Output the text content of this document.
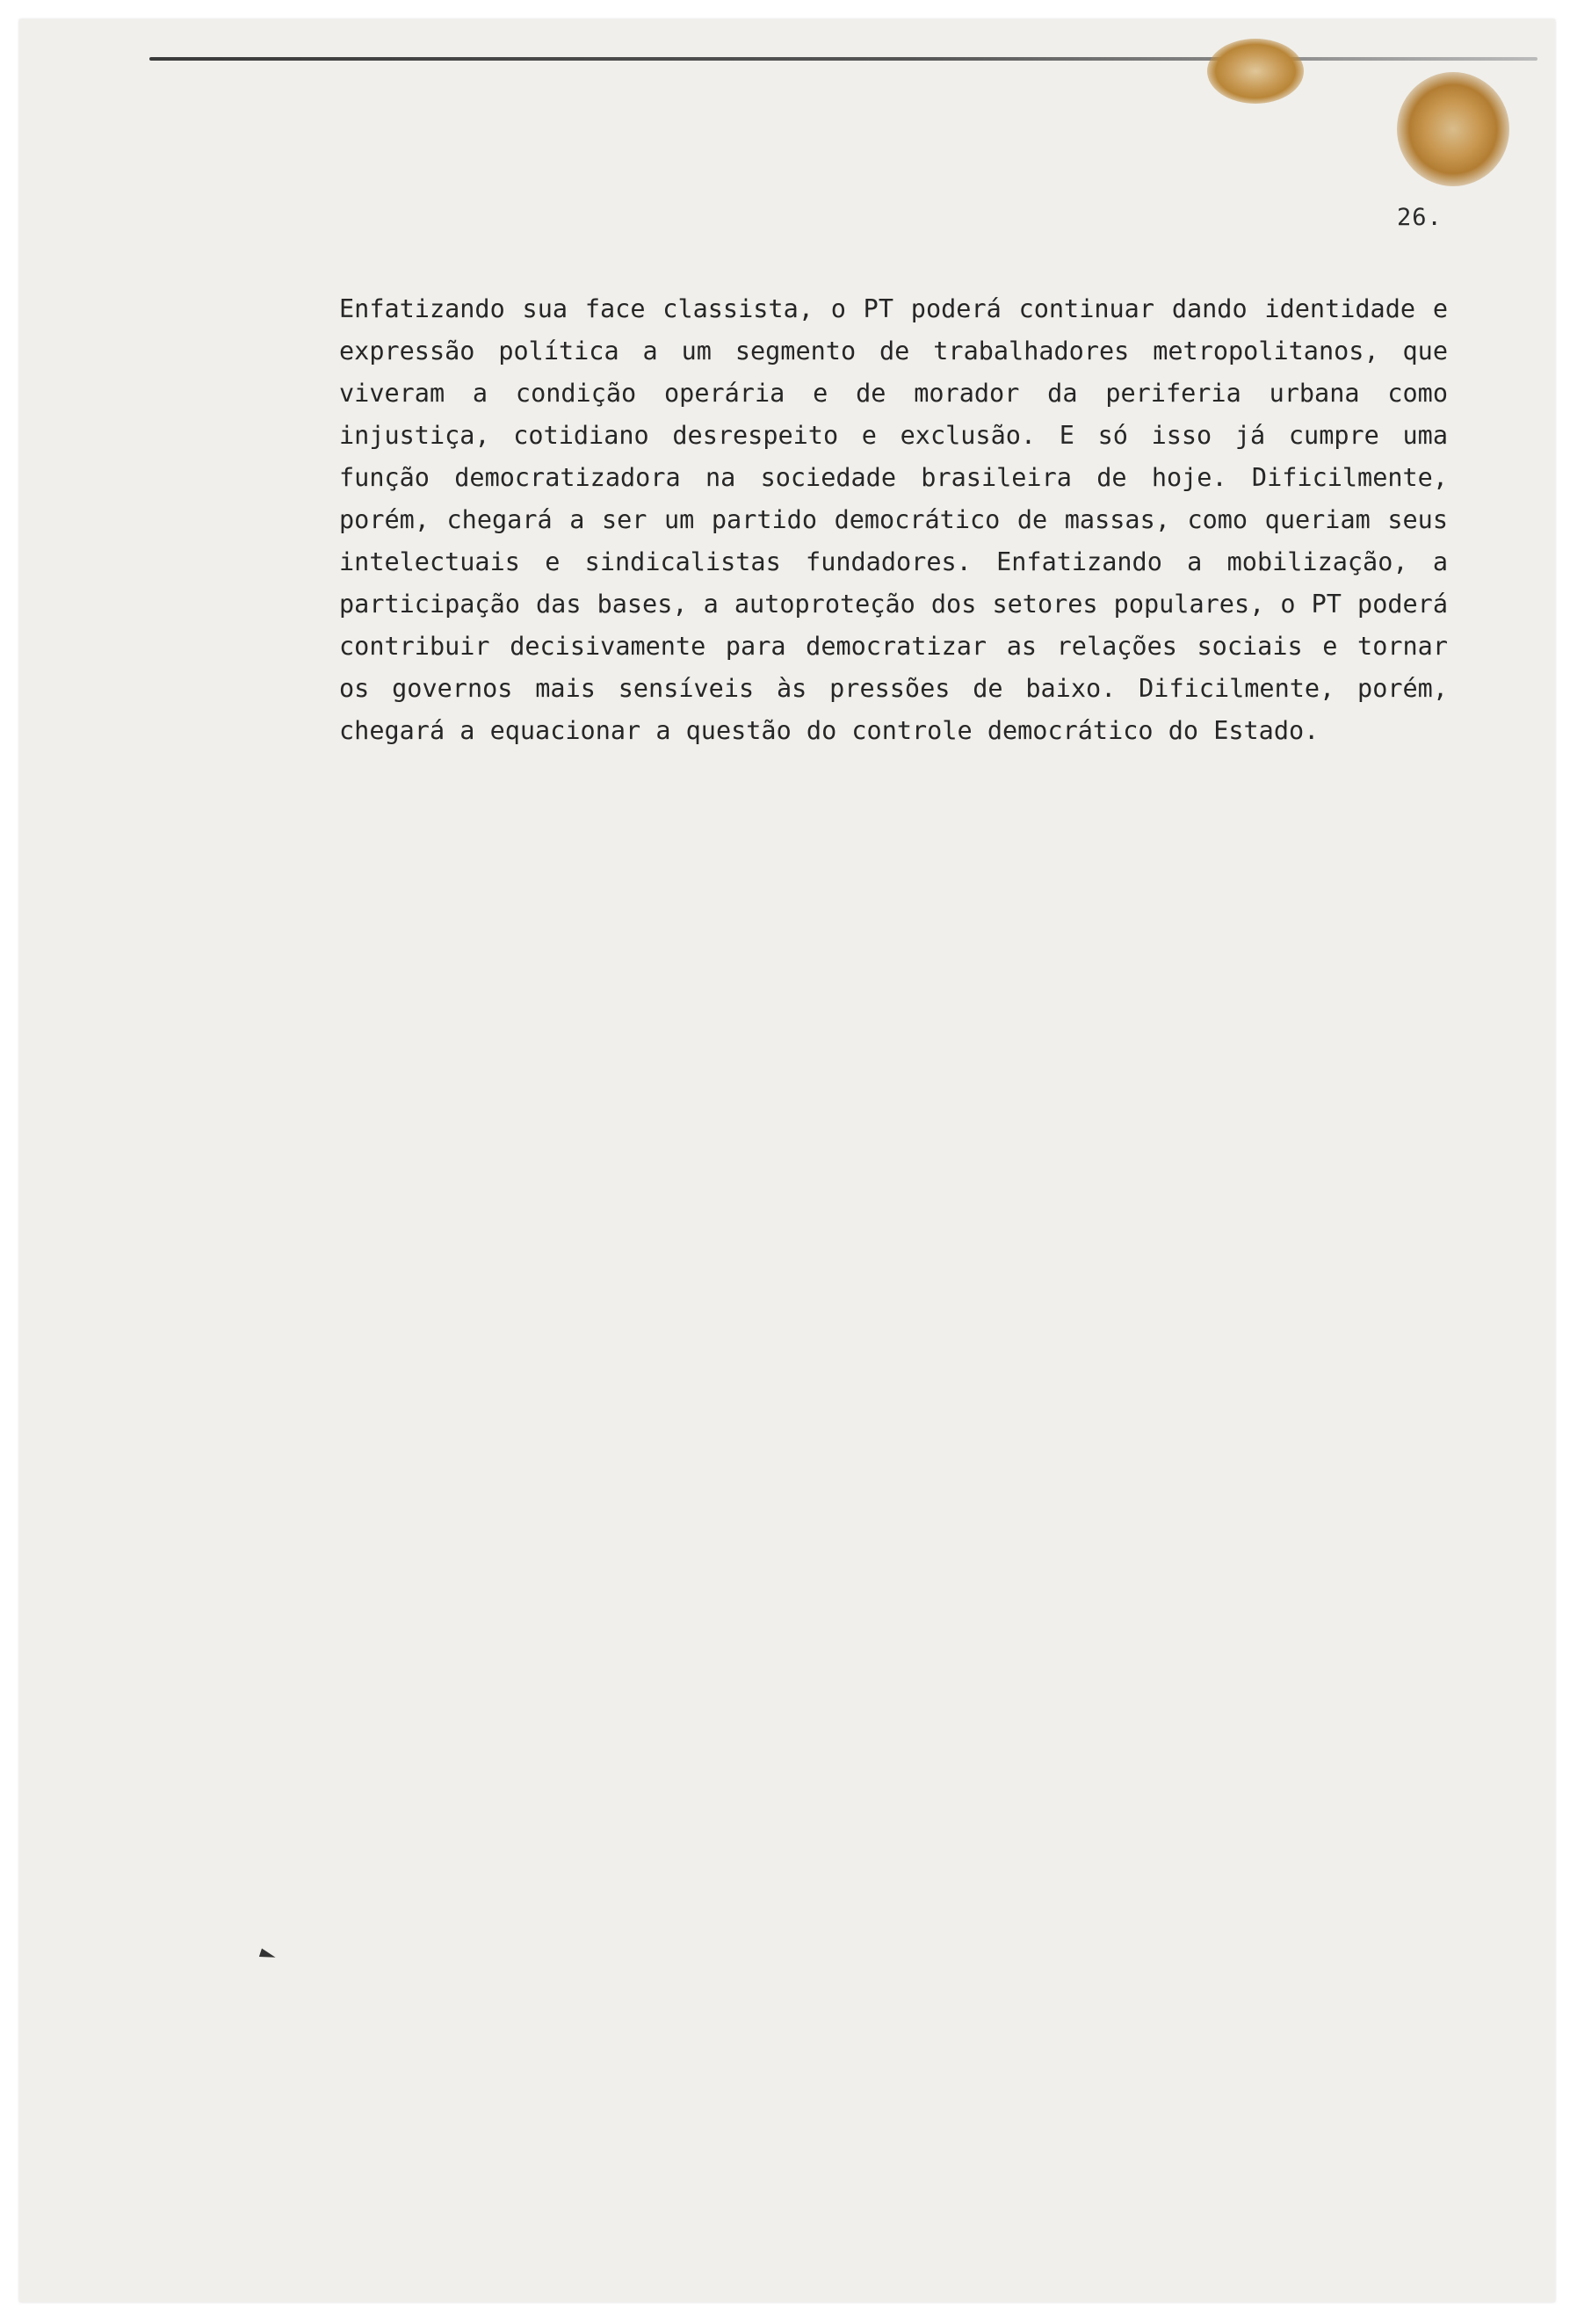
26.

Enfatizando sua face classista, o PT poderá continuar dando identidade e expressão política a um segmento de trabalhadores metropolitanos, que viveram a condição operária e de morador da periferia urbana como injustiça, cotidiano desrespeito e exclusão. E só isso já cumpre uma função democratizadora na sociedade brasileira de hoje. Dificilmente, porém, chegará a ser um partido democrático de massas, como queriam seus intelectuais e sindicalistas fundadores. Enfatizando a mobilização, a participação das bases, a autoproteção dos setores populares, o PT poderá contribuir decisivamente para democratizar as relações sociais e tornar os governos mais sensíveis às pressões de baixo. Dificilmente, porém, chegará a equacionar a questão do controle democrático do Estado.
